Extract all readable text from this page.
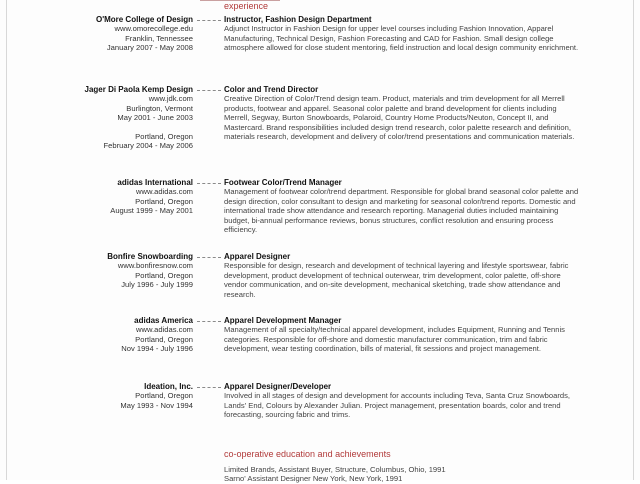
experience
O'More College of Design
www.omorecollege.edu
Franklin, Tennessee
January 2007 - May 2008
Instructor, Fashion Design Department
Adjunct Instructor in Fashion Design for upper level courses including Fashion Innovation, Apparel Manufacturing, Technical Design, Fashion Forecasting and CAD for Fashion. Small design college atmosphere allowed for close student mentoring, field instruction and local design community enrichment.
Jager Di Paola Kemp Design
www.jdk.com
Burlington, Vermont
May 2001 - June 2003
Portland, Oregon
February 2004 - May 2006
Color and Trend Director
Creative Direction of Color/Trend design team. Product, materials and trim development for all Merrell products, footwear and apparel. Seasonal color palette and brand development for clients including Merrell, Segway, Burton Snowboards, Polaroid, Country Home Products/Neuton, Concept II, and Mastercard. Brand responsibilities included design trend research, color palette research and definition, materials research, development and delivery of color/trend presentations and communication materials.
adidas International
www.adidas.com
Portland, Oregon
August 1999 - May 2001
Footwear Color/Trend Manager
Management of footwear color/trend department. Responsible for global brand seasonal color palette and design direction, color consultant to design and marketing for seasonal color/trend reports. Domestic and international trade show attendance and research reporting. Managerial duties included maintaining budget, bi-annual performance reviews, bonus structures, conflict resolution and ensuring process efficiency.
Bonfire Snowboarding
www.bonfiresnow.com
Portland, Oregon
July 1996 - July 1999
Apparel Designer
Responsible for design, research and development of technical layering and lifestyle sportswear, fabric development, product development of technical outerwear, trim development, color palette, off-shore vendor communication, and on-site development, mechanical sketching, trade show attendance and research.
adidas America
www.adidas.com
Portland, Oregon
Nov 1994 - July 1996
Apparel Development Manager
Management of all specialty/technical apparel development, includes Equipment, Running and Tennis categories. Responsible for off-shore and domestic manufacturer communication, trim and fabric development, wear testing coordination, bills of material, fit sessions and project management.
Ideation, Inc.
Portland, Oregon
May 1993 - Nov 1994
Apparel Designer/Developer
Involved in all stages of design and development for accounts including Teva, Santa Cruz Snowboards, Lands' End, Colours by Alexander Julian. Project management, presentation boards, color and trend forecasting, sourcing fabric and trims.
co-operative education and achievements
Limited Brands, Assistant Buyer, Structure, Columbus, Ohio, 1991
Sarno' Assistant Designer New York, New York, 1991
